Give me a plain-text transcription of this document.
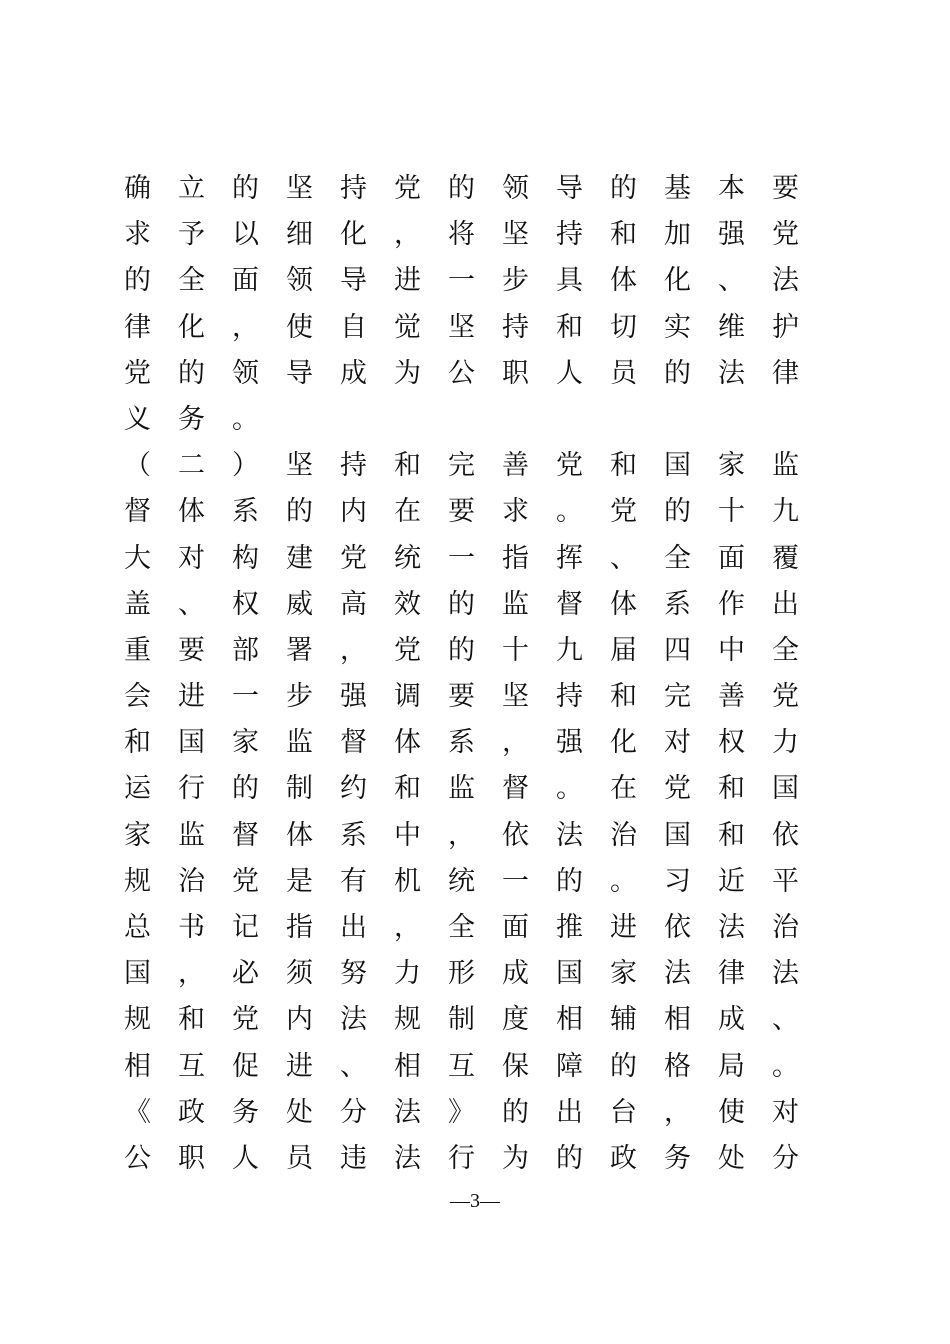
确立的坚持党的领导的基本要
求予以细化，将坚持和加强党
的全面领导进一步具体化、法
律化，使自觉坚持和切实维护
党的领导成为公职人员的法律
义务。
（二）坚持和完善党和国家监
督体系的内在要求。党的十九
大对构建党统一指挥、全面覆
盖、权威高效的监督体系作出
重要部署，党的十九届四中全
会进一步强调要坚持和完善党
和国家监督体系，强化对权力
运行的制约和监督。在党和国
家监督体系中，依法治国和依
规治党是有机统一的。习近平
总书记指出，全面推进依法治
国，必须努力形成国家法律法
规和党内法规制度相辅相成、
相互促进、相互保障的格局。
《政务处分法》的出台，使对
公职人员违法行为的政务处分
—3—
